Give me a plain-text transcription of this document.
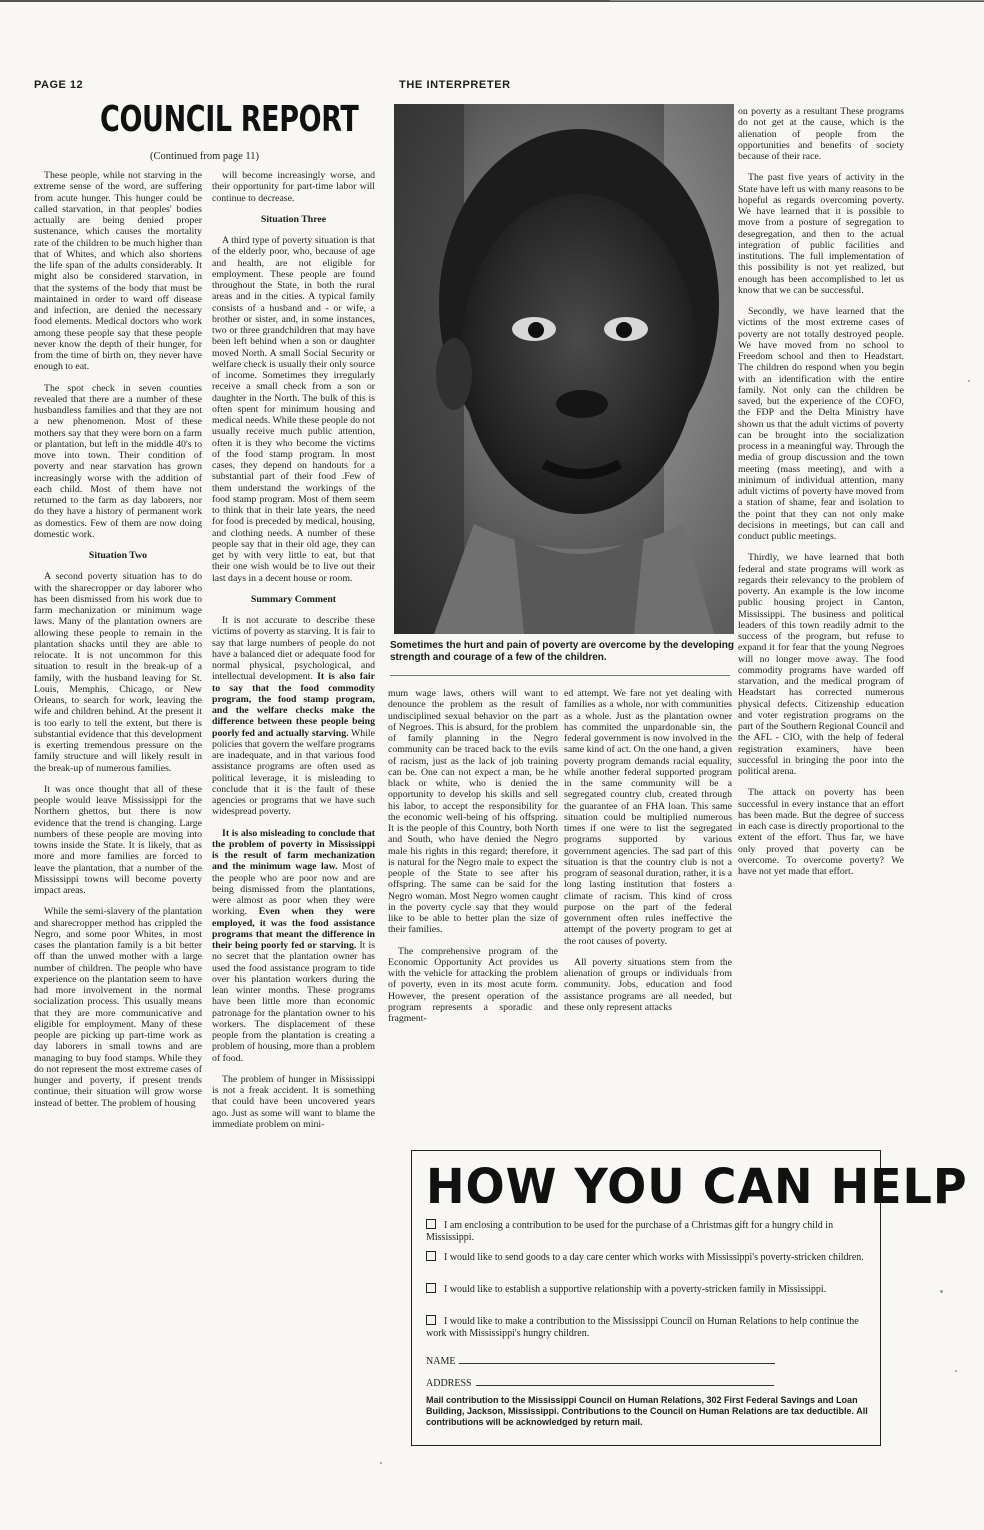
PAGE 12	THE INTERPRETER
COUNCIL REPORT
(Continued from page 11)

These people, while not starving in the extreme sense of the word, are suffering from acute hunger. This hunger could be called starvation, in that peoples' bodies actually are being denied proper sustenance, which causes the mortality rate of the children to be much higher than that of Whites, and which also shortens the life span of the adults considerably. It might also be considered starvation, in that the systems of the body that must be maintained in order to ward off disease and infection, are denied the necessary food elements. Medical doctors who work among these people say that these people never know the depth of their hunger, for from the time of birth on, they never have enough to eat.

The spot check in seven counties revealed that there are a number of these husbandless families and that they are not a new phenomenon. Most of these mothers say that they were born on a farm or plantation, but left in the middle 40's to move into town. Their condition of poverty and near starvation has grown increasingly worse with the addition of each child. Most of them have not returned to the farm as day laborers, nor do they have a history of permanent work as domestics. Few of them are now doing domestic work.

Situation Two

A second poverty situation has to do with the sharecropper or day laborer who has been dismissed from his work due to farm mechanization or minimum wage laws. Many of the plantation owners are allowing these people to remain in the plantation shacks until they are able to relocate. It is not uncommon for this situation to result in the break-up of a family, with the husband leaving for St. Louis, Memphis, Chicago, or New Orleans, to search for work, leaving the wife and children behind. At the present it is too early to tell the extent, but there is substantial evidence that this development is exerting tremendous pressure on the family structure and will likely result in the break-up of numerous families.

It was once thought that all of these people would leave Mississippi for the Northern ghettos, but there is now evidence that the trend is changing. Large numbers of these people are moving into towns inside the State. It is likely, that as more and more families are forced to leave the plantation, that a number of the Mississippi towns will become poverty impact areas.

While the semi-slavery of the plantation and sharecropper method has crippled the Negro, and some poor Whites, in most cases the plantation family is a bit better off than the unwed mother with a large number of children. The people who have experience on the plantation seem to have had more involvement in the normal socialization process. This usually means that they are more communicative and eligible for employment. Many of these people are picking up part-time work as day laborers in small towns and are managing to buy food stamps. While they do not represent the most extreme cases of hunger and poverty, if present trends continue, their situation will grow worse instead of better. The problem of housing

will become increasingly worse, and their opportunity for part-time labor will continue to decrease.

Situation Three

A third type of poverty situation is that of the elderly poor, who, because of age and health, are not eligible for employment. These people are found throughout the State, in both the rural areas and in the cities. A typical family consists of a husband and - or wife, a brother or sister, and, in some instances, two or three grandchildren that may have been left behind when a son or daughter moved North. A small Social Security or welfare check is usually their only source of income. Sometimes they irregularly receive a small check from a son or daughter in the North. The bulk of this is often spent for minimum housing and medical needs. While these people do not usually receive much public attention, often it is they who become the victims of the food stamp program. In most cases, they depend on handouts for a substantial part of their food .Few of them understand the workings of the food stamp program. Most of them seem to think that in their late years, the need for food is preceded by medical, housing, and clothing needs. A number of these people say that in their old age, they can get by with very little to eat, but that their one wish would be to live out their last days in a decent house or room.

Summary Comment

It is not accurate to describe these victims of poverty as starving. It is fair to say that large numbers of people do not have a balanced diet or adequate food for normal physical, psychological, and intellectual development. It is also fair to say that the food commodity program, the food stamp program, and the welfare checks make the difference between these people being poorly fed and actually starving. While policies that govern the welfare programs are inadequate, and in that various food assistance programs are often used as political leverage, it is misleading to conclude that it is the fault of these agencies or programs that we have such widespread poverty.

It is also misleading to conclude that the problem of poverty in Mississippi is the result of farm mechanization and the minimum wage law. Most of the people who are poor now and are being dismissed from the plantations, were almost as poor when they were working. Even when they were employed, it was the food assistance programs that meant the difference in their being poorly fed or starving. It is no secret that the plantation owner has used the food assistance program to tide over his plantation workers during the lean winter months. These programs have been little more than economic patronage for the plantation owner to his workers. The displacement of these people from the plantation is creating a problem of housing, more than a problem of food.

The problem of hunger in Mississippi is not a freak accident. It is something that could have been uncovered years ago. Just as some will want to blame the immediate problem on mini-

Sometimes the hurt and pain of poverty are overcome by the developing strength and courage of a few of the children.

mum wage laws, others will want to denounce the problem as the result of undisciplined sexual behavior on the part of Negroes. This is absurd, for the problem of family planning in the Negro community can be traced back to the evils of racism, just as the lack of job training can be. One can not expect a man, be he black or white, who is denied the opportunity to develop his skills and sell his labor, to accept the responsibility for the economic well-being of his offspring. It is the people of this Country, both North and South, who have denied the Negro male his rights in this regard; therefore, it is natural for the Negro male to expect the people of the State to see after his offspring. The same can be said for the Negro woman. Most Negro women caught in the poverty cycle say that they would like to be able to better plan the size of their families.

The comprehensive program of the Economic Opportunity Act provides us with the vehicle for attacking the problem of poverty, even in its most acute form. However, the present operation of the program represents a sporadic and fragment-

ed attempt. We fare not yet dealing with families as a whole, nor with communities as a whole. Just as the plantation owner has commited the unpardonable sin, the federal government is now involved in the same kind of act. On the one hand, a given poverty program demands racial equality, while another federal supported program in the same community will be a segregated country club, created through the guarantee of an FHA loan. This same situation could be multiplied numerous times if one were to list the segregated programs supported by various government agencies. The sad part of this situation is that the country club is not a program of seasonal duration, rather, it is a long lasting institution that fosters a climate of racism. This kind of cross purpose on the part of the federal government often rules ineffective the attempt of the poverty program to get at the root causes of poverty.

All poverty situations stem from the alienation of groups or individuals from community. Jobs, education and food assistance programs are all needed, but these only represent attacks

on poverty as a resultant These programs do not get at the cause, which is the alienation of people from the opportunities and benefits of society because of their race.

The past five years of activity in the State have left us with many reasons to be hopeful as regards overcoming poverty. We have learned that it is possible to move from a posture of segregation to desegregation, and then to the actual integration of public facilities and institutions. The full implementation of this possibility is not yet realized, but enough has been accomplished to let us know that we can be successful.

Secondly, we have learned that the victims of the most extreme cases of poverty are not totally destroyed people. We have moved from no school to Freedom school and then to Headstart. The children do respond when you begin with an identification with the entire family. Not only can the children be saved, but the experience of the COFO, the FDP and the Delta Ministry have shown us that the adult victims of poverty can be brought into the socialization process in a meaningful way. Through the media of group discussion and the town meeting (mass meeting), and with a minimum of individual attention, many adult victims of poverty have moved from a station of shame, fear and isolation to the point that they can not only make decisions in meetings, but can call and conduct public meetings.

Thirdly, we have learned that both federal and state programs will work as regards their relevancy to the problem of poverty. An example is the low income public housing project in Canton, Mississippi. The business and political leaders of this town readily admit to the success of the program, but refuse to expand it for fear that the young Negroes will no longer move away. The food commodity programs have warded off starvation, and the medical program of Headstart has corrected numerous physical defects. Citizenship education and voter registration programs on the part of the Southern Regional Council and the AFL - CIO, with the help of federal registration examiners, have been successful in bringing the poor into the political arena.

The attack on poverty has been successful in every instance that an effort has been made. But the degree of success in each case is directly proportional to the extent of the effort. Thus far, we have only proved that poverty can be overcome. To overcome poverty? We have not yet made that effort.

HOW YOU CAN HELP
I am enclosing a contribution to be used for the purchase of a Christmas gift for a hungry child in Mississippi.
I would like to send goods to a day care center which works with Mississippi's poverty-stricken children.
I would like to establish a supportive relationship with a poverty-stricken family in Mississippi.
I would like to make a contribution to the Mississippi Council on Human Relations to help continue the work with Mississippi's hungry children.
NAME
ADDRESS
Mail contribution to the Mississippi Council on Human Relations, 302 First Federal Savings and Loan Building, Jackson, Mississippi. Contributions to the Council on Human Relations are tax deductible. All contributions will be acknowledged by return mail.
